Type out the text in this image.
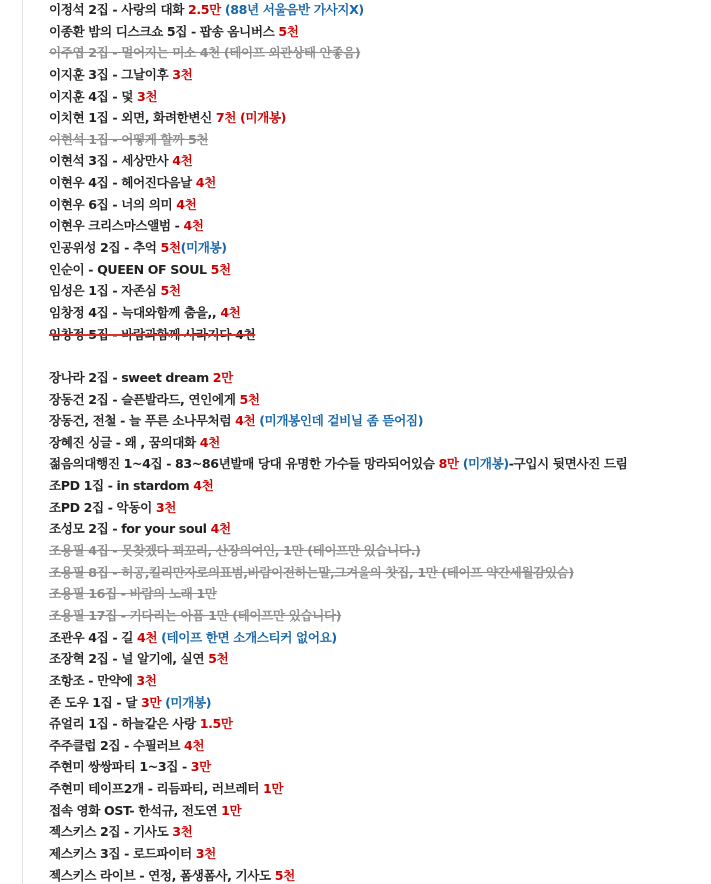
이정석 2집 - 사랑의 대화 2.5만 (88년 서울음반 가사지X)
이종환 밤의 디스크쇼 5집 - 팝송 옴니버스 5천
이주엽 2집 - 멀어지는 미소 4천 (테이프 외관상태 안좋음)
이지훈 3집 - 그날이후 3천
이지훈 4집 - 덫 3천
이치현 1집 - 외면, 화려한변신 7천 (미개봉)
이현석 1집 - 어떻게 할까 5천
이현석 3집 - 세상만사 4천
이현우 4집 - 헤어진다음날 4천
이현우 6집 - 너의 의미 4천
이현우 크리스마스앨범 - 4천
인공위성 2집 - 추억 5천(미개봉)
인순이 - QUEEN OF SOUL 5천
임성은 1집 - 자존심 5천
임창정 4집 - 늑대와함께 춤을,, 4천
임창정 5집 - 바람과함께 사라지다 4천
장나라 2집 - sweet dream 2만
장동건 2집 - 슬픈발라드, 연인에게 5천
장동건, 전철 - 늘 푸른 소나무처럼 4천 (미개봉인데 겉비닐 좀 뜯어짐)
장혜진 싱글 - 왜 , 꿈의대화 4천
젊음의대행진 1~4집 - 83~86년발매 당대 유명한 가수들 망라되어있슴 8만 (미개봉)-구입시 뒷면사진 드림
조PD 1집 - in stardom 4천
조PD 2집 - 악동이 3천
조성모 2집 - for your soul 4천
조용필 4집 - 못찾겠다 꾀꼬리, 산장의여인, 1만 (테이프만 있습니다.)
조용필 8집 - 허공,킬리만자로의표범,바람이전하는말,그겨울의 찻집, 1만 (테이프 약간세월감있슴)
조용필 16집 - 바람의 노래 1만
조용필 17집 - 기다리는 아픔 1만 (테이프만 있습니다)
조관우 4집 - 길 4천 (테이프 한면 소개스티커 없어요)
조장혁 2집 - 널 알기에, 실연 5천
조항조 - 만약에 3천
존 도우 1집 - 달 3만 (미개봉)
쥬얼리 1집 - 하늘같은 사랑 1.5만
주주클럽 2집 - 수필러브 4천
주현미 쌍쌍파티 1~3집 - 3만
주현미 테이프2개 - 리듬파티, 러브레터 1만
접속 영화 OST- 한석규, 전도연 1만
젝스키스 2집 - 기사도 3천
제스키스 3집 - 로드파이터 3천
젝스키스 라이브 - 연정, 폼생폼사, 기사도 5천
